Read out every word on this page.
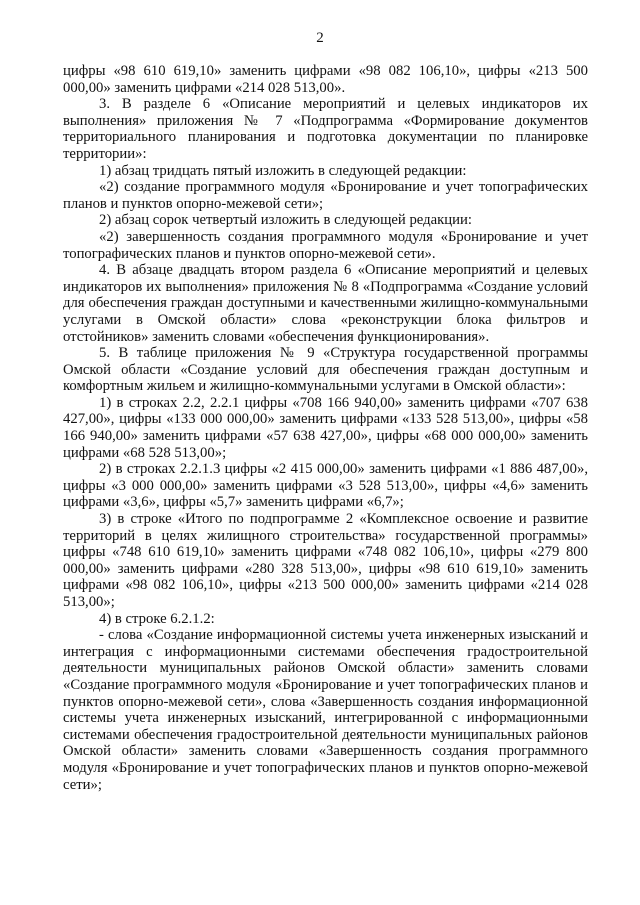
2

цифры «98 610 619,10» заменить цифрами «98 082 106,10», цифры «213 500 000,00» заменить цифрами «214 028 513,00».

3. В разделе 6 «Описание мероприятий и целевых индикаторов их выполнения» приложения № 7 «Подпрограмма «Формирование документов территориального планирования и подготовка документации по планировке территории»:

1) абзац тридцать пятый изложить в следующей редакции:

«2) создание программного модуля «Бронирование и учет топографических планов и пунктов опорно-межевой сети»;

2) абзац сорок четвертый изложить в следующей редакции:

«2) завершенность создания программного модуля «Бронирование и учет топографических планов и пунктов опорно-межевой сети».

4. В абзаце двадцать втором раздела 6 «Описание мероприятий и целевых индикаторов их выполнения» приложения № 8 «Подпрограмма «Создание условий для обеспечения граждан доступными и качественными жилищно-коммунальными услугами в Омской области» слова «реконструкции блока фильтров и отстойников» заменить словами «обеспечения функционирования».

5. В таблице приложения № 9 «Структура государственной программы Омской области «Создание условий для обеспечения граждан доступным и комфортным жильем и жилищно-коммунальными услугами в Омской области»:

1) в строках 2.2, 2.2.1 цифры «708 166 940,00» заменить цифрами «707 638 427,00», цифры «133 000 000,00» заменить цифрами «133 528 513,00», цифры «58 166 940,00» заменить цифрами «57 638 427,00», цифры «68 000 000,00» заменить цифрами «68 528 513,00»;

2) в строках 2.2.1.3 цифры «2 415 000,00» заменить цифрами «1 886 487,00», цифры «3 000 000,00» заменить цифрами «3 528 513,00», цифры «4,6» заменить цифрами «3,6», цифры «5,7» заменить цифрами «6,7»;

3) в строке «Итого по подпрограмме 2 «Комплексное освоение и развитие территорий в целях жилищного строительства» государственной программы» цифры «748 610 619,10» заменить цифрами «748 082 106,10», цифры «279 800 000,00» заменить цифрами «280 328 513,00», цифры «98 610 619,10» заменить цифрами «98 082 106,10», цифры «213 500 000,00» заменить цифрами «214 028 513,00»;

4) в строке 6.2.1.2:

- слова «Создание информационной системы учета инженерных изысканий и интеграция с информационными системами обеспечения градостроительной деятельности муниципальных районов Омской области» заменить словами «Создание программного модуля «Бронирование и учет топографических планов и пунктов опорно-межевой сети», слова «Завершенность создания информационной системы учета инженерных изысканий, интегрированной с информационными системами обеспечения градостроительной деятельности муниципальных районов Омской области» заменить словами «Завершенность создания программного модуля «Бронирование и учет топографических планов и пунктов опорно-межевой сети»;
